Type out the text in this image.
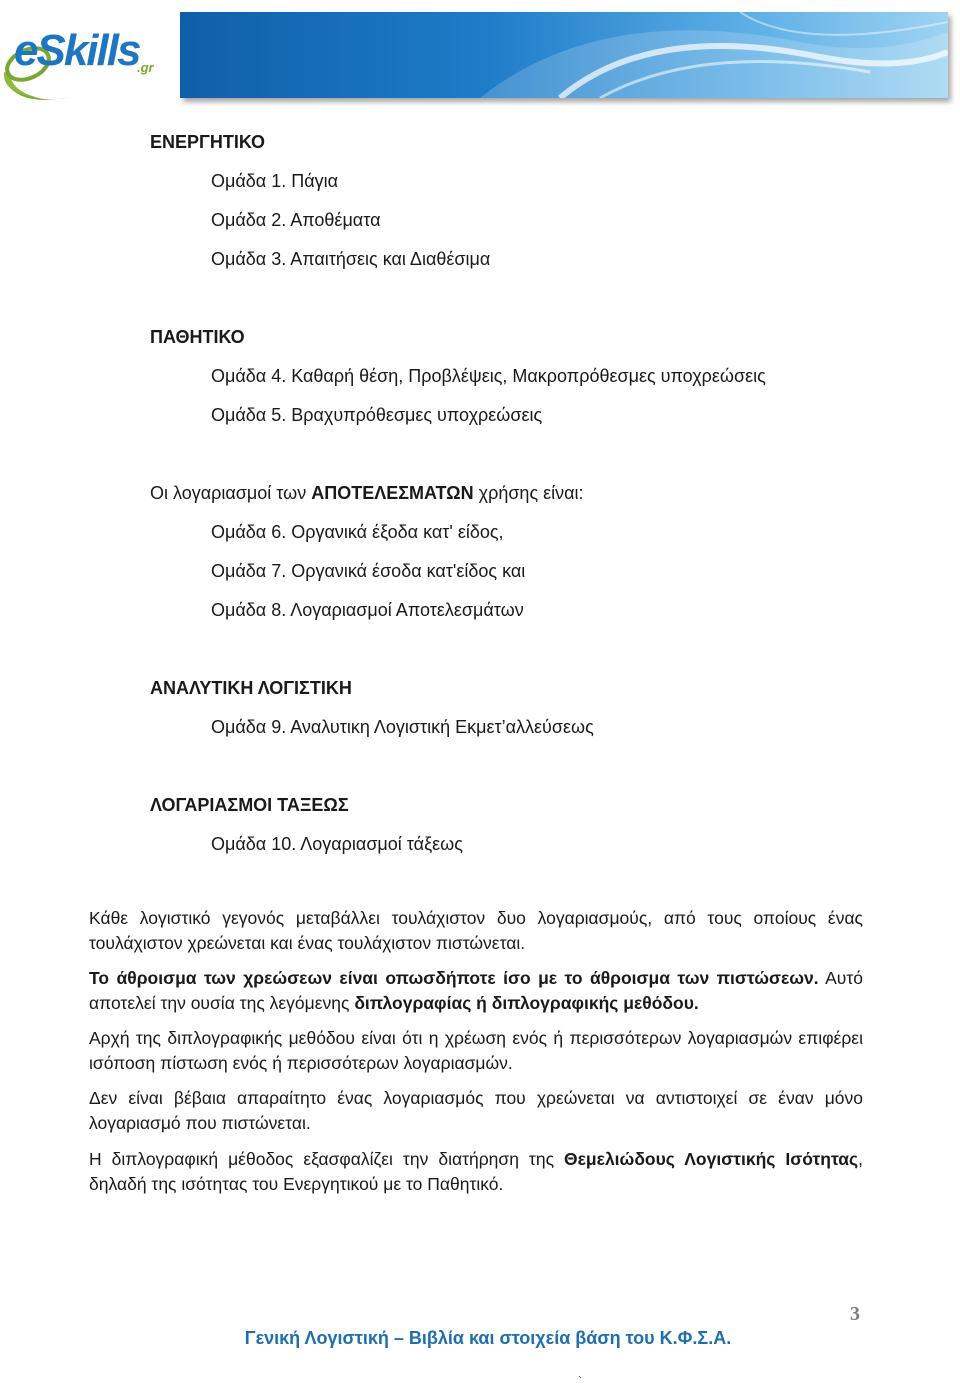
eSkills
.gr
ΕΝΕΡΓΗΤΙΚΟ
Ομάδα 1. Πάγια
Ομάδα 2. Αποθέματα
Ομάδα 3. Απαιτήσεις και Διαθέσιμα
ΠΑΘΗΤΙΚΟ
Ομάδα 4. Καθαρή θέση, Προβλέψεις, Μακροπρόθεσμες υποχρεώσεις
Ομάδα 5. Βραχυπρόθεσμες υποχρεώσεις
Οι λογαριασμοί των ΑΠΟΤΕΛΕΣΜΑΤΩΝ χρήσης είναι:
Ομάδα 6. Οργανικά έξοδα κατ' είδος,
Ομάδα 7. Οργανικά έσοδα κατ'είδος και
Ομάδα 8. Λογαριασμοί Αποτελεσμάτων
ΑΝΑΛΥΤΙΚΗ ΛΟΓΙΣΤΙΚΗ
Ομάδα 9. Αναλυτικη Λογιστική Εκμετ’αλλεύσεως
ΛΟΓΑΡΙΑΣΜΟΙ ΤΑΞΕΩΣ
Ομάδα 10. Λογαριασμοί τάξεως
Κάθε λογιστικό γεγονός μεταβάλλει τουλάχιστον δυο λογαριασμούς, από τους οποίους ένας τουλάχιστον χρεώνεται και ένας τουλάχιστον πιστώνεται.
Το άθροισμα των χρεώσεων είναι οπωσδήποτε ίσο με το άθροισμα των πιστώσεων. Αυτό αποτελεί την ουσία της λεγόμενης διπλογραφίας ή διπλογραφικής μεθόδου.
Αρχή της διπλογραφικής μεθόδου είναι ότι η χρέωση ενός ή περισσότερων λογαριασμών επιφέρει ισόποση πίστωση ενός ή περισσότερων λογαριασμών.
Δεν είναι βέβαια απαραίτητο ένας λογαριασμός που χρεώνεται να αντιστοιχεί σε έναν μόνο λογαριασμό που πιστώνεται.
Η διπλογραφική μέθοδος εξασφαλίζει την διατήρηση της Θεμελιώδους Λογιστικής Ισότητας, δηλαδή της ισότητας του Ενεργητικού με το Παθητικό.
3
Γενική Λογιστική – Βιβλία και στοιχεία βάση του Κ.Φ.Σ.Α.
`
